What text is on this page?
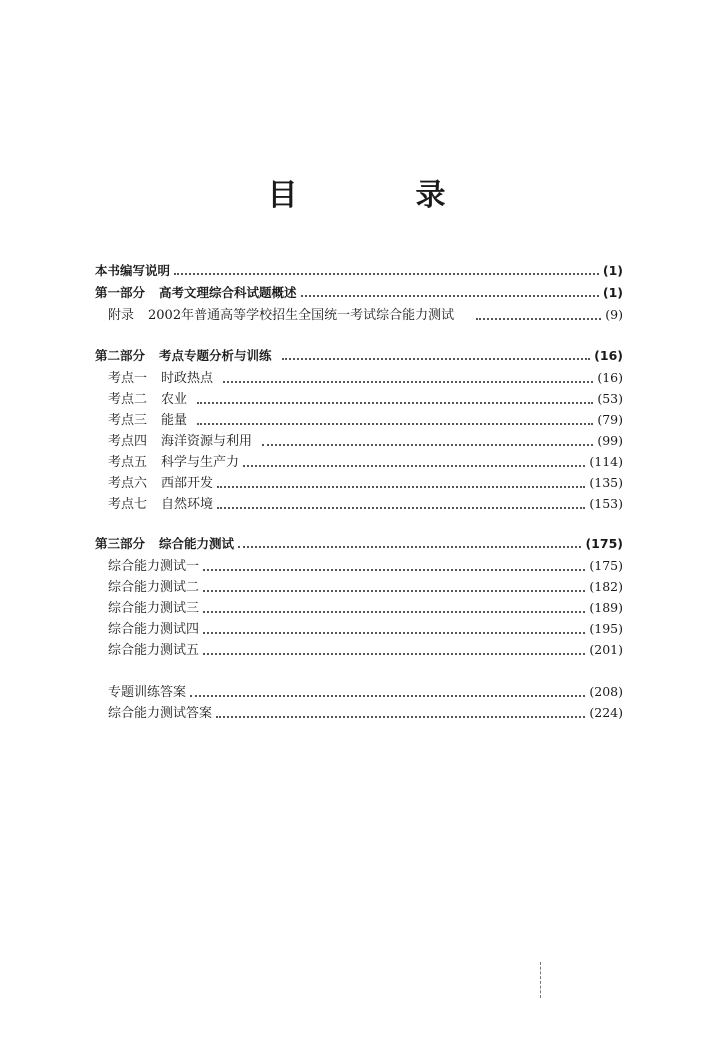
目　录
本书编写说明	(1)
第一部分 高考文理综合科试题概述	(1)
附录 2002年普通高等学校招生全国统一考试综合能力测试	(9)
第二部分 考点专题分析与训练	(16)
考点一 时政热点	(16)
考点二 农业	(53)
考点三 能量	(79)
考点四 海洋资源与利用	(99)
考点五 科学与生产力	(114)
考点六 西部开发	(135)
考点七 自然环境	(153)
第三部分 综合能力测试	(175)
综合能力测试一	(175)
综合能力测试二	(182)
综合能力测试三	(189)
综合能力测试四	(195)
综合能力测试五	(201)
专题训练答案	(208)
综合能力测试答案	(224)
